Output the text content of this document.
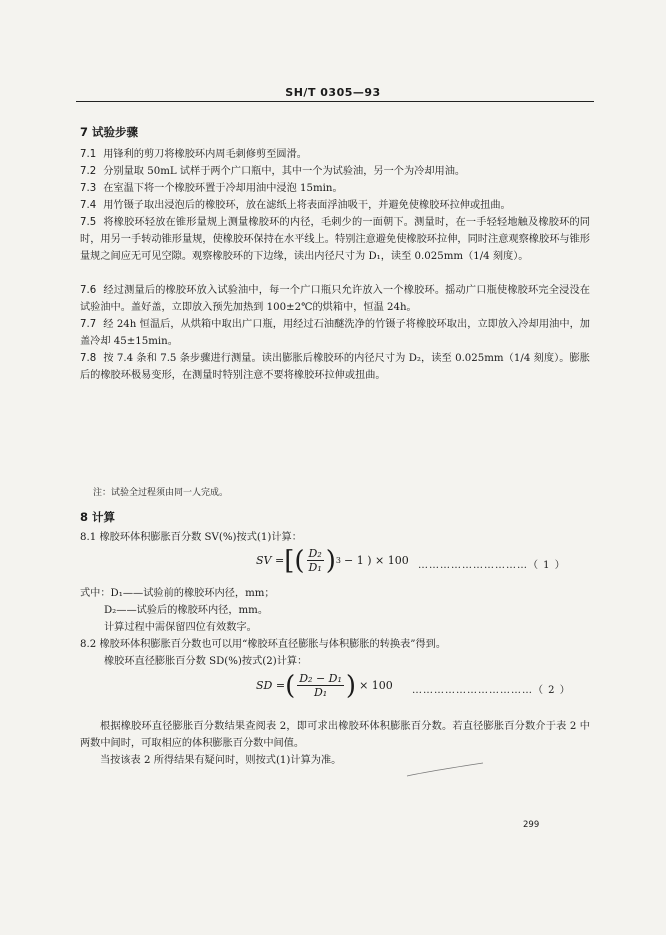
SH/T 0305—93
7 试验步骤
7.1 用锋利的剪刀将橡胶环内周毛刺修剪至圆滑。
7.2 分别量取 50mL 试样于两个广口瓶中，其中一个为试验油，另一个为冷却用油。
7.3 在室温下将一个橡胶环置于冷却用油中浸泡 15min。
7.4 用竹镊子取出浸泡后的橡胶环，放在滤纸上将表面浮油吸干，并避免使橡胶环拉伸或扭曲。
7.5 将橡胶环轻放在锥形量规上测量橡胶环的内径，毛刺少的一面朝下。测量时，在一手轻轻地触及橡胶环的同时，用另一手转动锥形量规，使橡胶环保持在水平线上。特别注意避免使橡胶环拉伸，同时注意观察橡胶环与锥形量规之间应无可见空隙。观察橡胶环的下边缘，读出内径尺寸为 D₁，读至 0.025mm（1/4 刻度）。
7.6 经过测量后的橡胶环放入试验油中，每一个广口瓶只允许放入一个橡胶环。摇动广口瓶使橡胶环完全浸没在试验油中。盖好盖，立即放入预先加热到 100±2℃的烘箱中，恒温 24h。
7.7 经 24h 恒温后，从烘箱中取出广口瓶，用经过石油醚洗净的竹镊子将橡胶环取出，立即放入冷却用油中，加盖冷却 45±15min。
7.8 按 7.4 条和 7.5 条步骤进行测量。读出膨胀后橡胶环的内径尺寸为 D₂，读至 0.025mm（1/4 刻度）。膨胀后的橡胶环极易变形，在测量时特别注意不要将橡胶环拉伸或扭曲。
注：试验全过程须由同一人完成。
8 计算
8.1 橡胶环体积膨胀百分数 SV(%)按式(1)计算：
SV = [( $\frac{\text{D₂}}{\text{D₁}}$ ) 3 − 1 ) × 100 …………………………（ 1 ）
式中：D₁——试验前的橡胶环内径，mm；
D₂——试验后的橡胶环内径，mm。
计算过程中需保留四位有效数字。
8.2 橡胶环体积膨胀百分数也可以用“橡胶环直径膨胀与体积膨胀的转换表”得到。
橡胶环直径膨胀百分数 SD(%)按式(2)计算：
SD = ( $\frac{\text{D₂ − D₁}}{\text{D₁}}$ ) × 100 ……………………………（ 2 ）
根据橡胶环直径膨胀百分数结果查阅表 2，即可求出橡胶环体积膨胀百分数。若直径膨胀百分数介于表 2 中两数中间时，可取相应的体积膨胀百分数中间值。
当按该表 2 所得结果有疑问时，则按式(1)计算为准。
299
